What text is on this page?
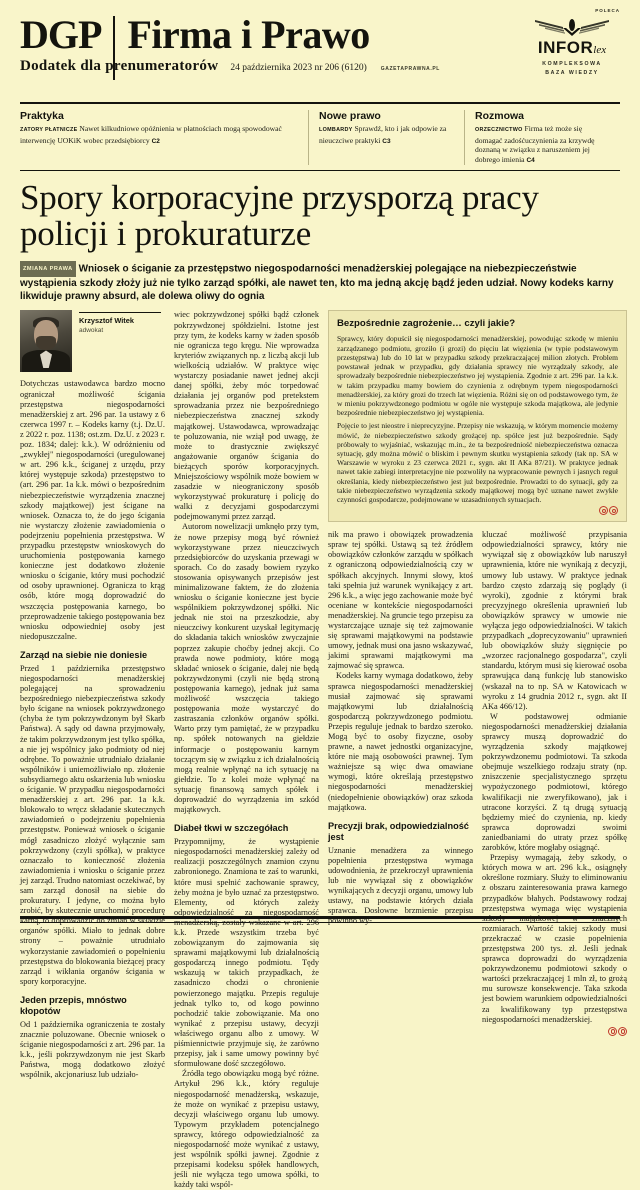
DGP Firma i Prawo
Dodatek dla prenumeratorów 24 października 2023 nr 206 (6120)	GAZETAPRAWNA.PL
POLECA
INFORlex
KOMPLEKSOWA
BAZA WIEDZY
Praktyka
ZATORY PŁATNICZE Nawet kilkudniowe opóźnienia w płatnościach mogą spowodować interwencję UOKiK wobec przedsiębiorcy C2
Nowe prawo
LOMBARDY Sprawdź, kto i jak odpowie za nieuczciwe praktyki C3
Rozmowa
ORZECZNICTWO Firma też może się domagać zadośćuczynienia za krzywdę doznaną w związku z naruszeniem jej dobrego imienia C4
Spory korporacyjne przysporzą pracy policji i prokuraturze
ZMIANA PRAWA Wniosek o ściganie za przestępstwo niegospodarności menadżerskiej polegające na niebezpieczeństwie wystąpienia szkody złoży już nie tylko zarząd spółki, ale nawet ten, kto ma jedną akcję bądź jeden udział. Nowy kodeks karny likwiduje prawny absurd, ale dolewa oliwy do ognia
Krzysztof Witek
adwokat

Dotychczas ustawodawca bardzo mocno ograniczał możliwość ścigania przestępstwa niegospodarności menadżerskiej z art. 296 par. 1a ustawy z 6 czerwca 1997 r. – Kodeks karny (t.j. Dz.U. z 2022 r. poz. 1138; ost.zm. Dz.U. z 2023 r. poz. 1834; dalej: k.k.). W odróżnieniu od „zwykłej" niegospodarności (uregulowanej w art. 296 k.k., ściganej z urzędu, przy której występuje szkoda) przestępstwo to (art. 296 par. 1a k.k. mówi o bezpośrednim niebezpieczeństwie wyrządzenia znacznej szkody majątkowej) jest ścigane na wniosek. Oznacza to, że do jego ścigania nie wystarczy złożenie zawiadomienia o podejrzeniu popełnienia przestępstwa. W przypadku przestępstw wnioskowych do uruchomienia postępowania karnego konieczne jest dodatkowo złożenie wniosku o ściganie, który musi pochodzić od osoby uprawnionej. Ogranicza to krąg osób, które mogą doprowadzić do wszczęcia postępowania karnego, bo przeprowadzenie takiego postępowania bez wniosku odpowiedniej osoby jest niedopuszczalne.

Zarząd na siebie nie doniesie

Przed 1 października przestępstwo niegospodarności menadżerskiej polegającej na sprowadzeniu bezpośredniego niebezpieczeństwa szkody było ścigane na wniosek pokrzywdzonego (chyba że tym pokrzywdzonym był Skarb Państwa). A sądy od dawna przyjmowały, że takim pokrzywdzonym jest tylko spółka, a nie jej wspólnicy jako podmioty od niej odrębne. To poważnie utrudniało działanie wspólników i uniemożliwiało np. złożenie subsydiarnego aktu oskarżenia lub wniosku o ściganie. W przypadku niegospodarności menadżerskiej z art. 296 par. 1a k.k. blokowało to wręcz składanie skutecznych zawiadomień o podejrzeniu popełnienia przestępstw. Ponieważ wniosek o ściganie mógł zasadniczo złożyć wyłącznie sam pokrzywdzony (czyli spółka), w praktyce oznaczało to konieczność złożenia zawiadomienia i wniosku o ściganie przez jej zarząd. Trudno natomiast oczekiwać, by sam zarząd donosił na siebie do prokuratury. I jedyne, co można było zrobić, by skutecznie uruchomić procedurę karną, to doprowadzić do zmian w składzie organów spółki. Miało to jednak dobre strony – poważnie utrudniało wykorzystanie zawiadomień o popełnieniu przestępstwa do blokowania bieżącej pracy zarząd i wikłania organów ścigania w spory korporacyjne.

Jeden przepis, mnóstwo kłopotów

Od 1 października ograniczenia te zostały znacznie poluzowane. Obecnie wniosek o ściganie niegospodarności z art. 296 par. 1a k.k., jeśli pokrzywdzonym nie jest Skarb Państwa, mogą dodatkowo złożyć wspólnik, akcjonariusz lub udziało-

wiec pokrzywdzonej spółki bądź członek pokrzywdzonej spółdzielni. Istotne jest przy tym, że kodeks karny w żaden sposób nie ogranicza tego kręgu. Nie wprowadza kryteriów związanych np. z liczbą akcji lub wielkością udziałów. W praktyce więc wystarczy posiadanie nawet jednej akcji danej spółki, żeby móc torpedować działania jej organów pod pretekstem sprowadzania przez nie bezpośredniego niebezpieczeństwa znacznej szkody majątkowej. Ustawodawca, wprowadzając te poluzowania, nie wziął pod uwagę, że może to drastycznie zwiększyć angażowanie organów ścigania do bieżących sporów korporacyjnych. Mniejszościowy wspólnik może bowiem w zasadzie w nieograniczony sposób wykorzystywać prokuraturę i policję do walki z decyzjami gospodarczymi podejmowanymi przez zarząd.

Autorom nowelizacji umknęło przy tym, że nowe przepisy mogą być również wykorzystywane przez nieuczciwych przedsiębiorców do uzyskania przewagi w sporach. Co do zasady bowiem ryzyko stosowania opisywanych przepisów jest minimalizowane faktem, że do złożenia wniosku o ściganie konieczne jest bycie wspólnikiem pokrzywdzonej spółki. Nic jednak nie stoi na przeszkodzie, aby nieuczciwy konkurent uzyskał legitymację do składania takich wniosków zwyczajnie poprzez zakupie choćby jednej akcji. Co prawda nowe podmioty, które mogą składać wniosek o ściganie, dalej nie będą pokrzywdzonymi (czyli nie będą stroną postępowania karnego), jednak już sama możliwość wszczęcia takiego postępowania może wystarczyć do zastraszania członków organów spółki. Warto przy tym pamiętać, że w przypadku np. spółek notowanych na giełdzie informacje o postępowaniu karnym toczącym się w związku z ich działalnością mogą realnie wpłynąć na ich sytuację na giełdzie. To z kolei może wpłynąć na sytuację finansową samych spółek i doprowadzić do wyrządzenia im szkód majątkowych.

Diabeł tkwi w szczegółach

Przypomnijmy, że wystąpienie niegospodarności menadżerskiej zależy od realizacji poszczególnych znamion czynu zabronionego. Znamiona te zaś to warunki, które musi spełnić zachowanie sprawcy, żeby można je było uznać za przestępstwo. Elementy, od których zależy odpowiedzialność za niegospodarność menadżerską, zostały wskazane w art. 296 k.k. Przede wszystkim trzeba być zobowiązanym do zajmowania się sprawami majątkowymi lub działalnością gospodarczą innego podmiotu. Tędy wskazują w takich przypadkach, że zasadniczo chodzi o chronienie powierzonego majątku. Przepis reguluje jednak tylko to, od kogo powinno pochodzić takie zobowiązanie. Ma ono wynikać z przepisu ustawy, decyzji właściwego organu albo z umowy. W piśmiennictwie przyjmuje się, że zarówno przepisy, jak i same umowy powinny być sformułowane dość szczegółowo.

Źródła tego obowiązku mogą być różne. Artykuł 296 k.k., który reguluje niegospodarność menadżerską, wskazuje, że może on wynikać z przepisu ustawy, decyzji właściwego organu lub umowy. Typowym przykładem potencjalnego sprawcy, którego odpowiedzialność za niegospodarność może wynikać z ustawy, jest wspólnik spółki jawnej. Zgodnie z przepisami kodeksu spółek handlowych, jeśli nie wyłącza tego umowa spółki, to każdy taki wspól-

Bezpośrednie zagrożenie… czyli jakie?

Sprawcy, który dopuścił się niegospodarności menadżerskiej, powodując szkodę w mieniu zarządzanego podmiotu, groziło (i grozi) do pięciu lat więzienia (w typie podstawowym przestępstwa) lub do 10 lat w przypadku szkody przekraczającej milion złotych. Problem powstawał jednak w przypadku, gdy działania sprawcy nie wyrządzały szkody, ale sprowadzały bezpośrednie niebezpieczeństwo jej wystąpienia. Zgodnie z art. 296 par. 1a k.k. w takim przypadku mamy bowiem do czynienia z odrębnym typem niegospodarności menadżerskiej, za który grozi do trzech lat więzienia. Różni się on od podstawowego tym, że w mieniu pokrzywdzonego podmiotu w ogóle nie występuje szkoda majątkowa, ale jedynie bezpośrednie niebezpieczeństwo jej wystąpienia.

Pojęcie to jest nieostre i nieprecyzyjne. Przepisy nie wskazują, w którym momencie możemy mówić, że niebezpieczeństwo szkody grożącej np. spółce jest już bezpośrednie. Sądy próbowały to wyjaśniać, wskazując m.in., że ta bezpośredniość niebezpieczeństwa oznacza sytuację, gdy można mówić o bliskim i pewnym skutku wystąpienia szkody (tak np. SA w Warszawie w wyroku z 23 czerwca 2021 r., sygn. akt II AKa 87/21). W praktyce jednak nawet takie zabiegi interpretacyjne nie pozwoliły na wypracowanie pewnych i jasnych reguł określania, kiedy niebezpieczeństwo jest już bezpośrednie. Prowadzi to do sytuacji, gdy za takie niebezpieczeństwo wyrządzenia szkody majątkowej mogą być uznane nawet zwykłe czynności gospodarcze, podejmowane w uzasadnionych sytuacjach.

nik ma prawo i obowiązek prowadzenia spraw tej spółki. Ustawą są też źródłem obowiązków członków zarządu w spółkach z ograniczoną odpowiedzialnością czy w spółkach akcyjnych. Innymi słowy, ktoś taki spełnia już warunek wynikający z art. 296 k.k., a więc jego zachowanie może być oceniane w kontekście niegospodarności menadżerskiej. Na gruncie tego przepisu za wystarczające uznaje się też zajmowanie się sprawami majątkowymi na podstawie umowy, jednak musi ona jasno wskazywać, jakimi sprawami majątkowymi ma zajmować się sprawca.

Kodeks karny wymaga dodatkowo, żeby sprawca niegospodarności menadżerskiej musiał zajmować się sprawami majątkowymi lub działalnością gospodarczą pokrzywdzonego podmiotu. Przepis reguluje jednak to bardzo szeroko. Mogą być to osoby fizyczne, osoby prawne, a nawet jednostki organizacyjne, które nie mają osobowości prawnej. Tym ważniejsze są więc dwa omawiane wymogi, które określają przestępstwo niegospodarności menadżerskiej (niedopełnienie obowiązków) oraz szkoda majątkowa.

Precyzji brak, odpowiedzialność jest

Uznanie menadżera za winnego popełnienia przestępstwa wymaga udowodnienia, że przekroczył uprawnienia lub nie wywiązał się z obowiązków wynikających z decyzji organu, umowy lub ustawy, na podstawie których działa sprawca. Dosłowne brzmienie przepisu powinno wy-

kluczać możliwość przypisania odpowiedzialności sprawcy, który nie wywiązał się z obowiązków lub naruszył uprawnienia, które nie wynikają z decyzji, umowy lub ustawy. W praktyce jednak bardzo często zdarzają się poglądy (i wyroki), zgodnie z którymi brak precyzyjnego określenia uprawnień lub obowiązków sprawcy w umowie nie wyłącza jego odpowiedzialności. W takich przypadkach „doprecyzowaniu" uprawnień lub obowiązków służy sięgnięcie po „wzorzec racjonalnego gospodarza", czyli standardu, którym musi się kierować osoba sprawująca daną funkcję lub stanowisko (wskazał na to np. SA w Katowicach w wyroku z 14 grudnia 2012 r., sygn. akt II AKa 466/12).

W podstawowej odmianie niegospodarności menadżerskiej działania sprawcy muszą doprowadzić do wyrządzenia szkody majątkowej pokrzywdzonemu podmiotowi. Ta szkoda obejmuje wszelkiego rodzaju straty (np. zniszczenie specjalistycznego sprzętu wypożyczonego podmiotowi, którego kwalifikacji nie zweryfikowano), jak i utracone korzyści. Z tą drugą sytuacją będziemy mieć do czynienia, np. kiedy sprawca doprowadzi swoimi zaniedbaniami do utraty przez spółkę zarobków, które mogłaby osiągnąć.

Przepisy wymagają, żeby szkody, o których mowa w art. 296 k.k., osiągnęły określone rozmiary. Służy to eliminowaniu z obszaru zainteresowania prawa karnego przypadków błahych. Podstawowy rodzaj przestępstwa wymaga więc wystąpienia szkody majątkowej w znacznych rozmiarach. Wartość takiej szkody musi przekraczać w czasie popełnienia przestępstwa 200 tys. zł. Jeśli jednak sprawca doprowadzi do wyrządzenia pokrzywdzonemu podmiotowi szkody o wartości przekraczającej 1 mln zł, to grożą mu surowsze konsekwencje. Taka szkoda jest bowiem warunkiem odpowiedzialności za kwalifikowany typ przestępstwa niegospodarności menadżerskiej.
